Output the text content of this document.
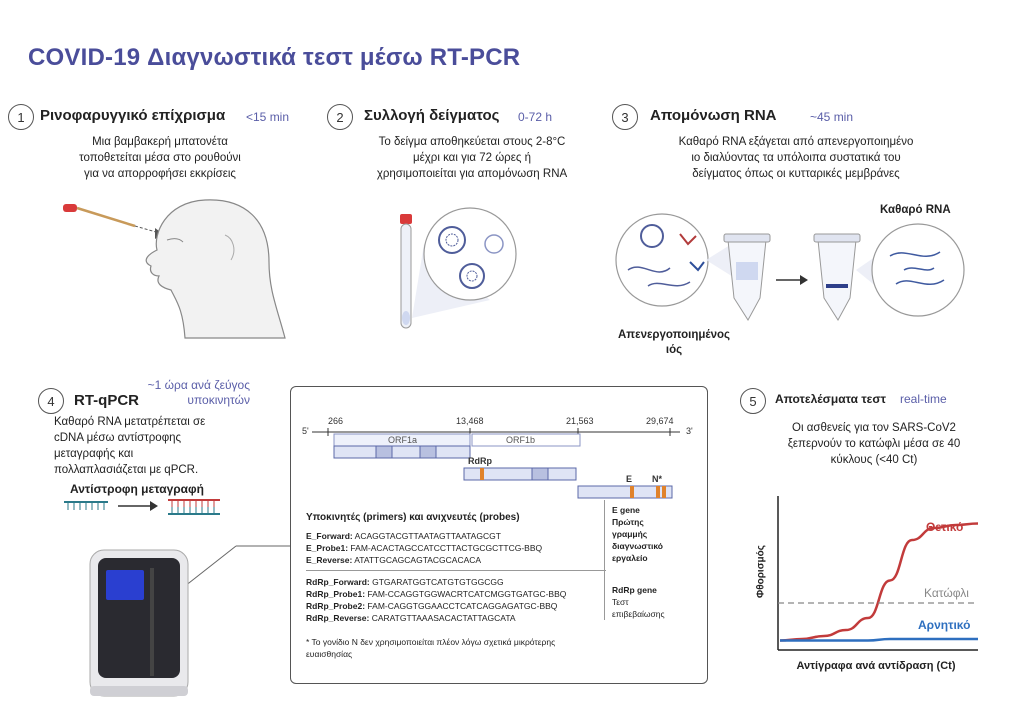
COVID-19 Διαγνωστικά τεστ μέσω RT-PCR
1	Ρινοφαρυγγικό επίχρισμα <15 min
Μια βαμβακερή μπατονέτα
τοποθετείται μέσα στο ρουθούνι
για να απορροφήσει εκκρίσεις
2	Συλλογή δείγματος 0-72 h
Το δείγμα αποθηκεύεται στους 2-8°C
μέχρι και για 72 ώρες ή
χρησιμοποιείται για απομόνωση RNA
3	Απομόνωση RNA	~45 min
Καθαρό RNA εξάγεται από απενεργοποιημένο
ιο διαλύοντας τα υπόλοιπα συστατικά του
δείγματος όπως οι κυτταρικές μεμβράνες
Καθαρό RNA
Απενεργοποιημένος
ιός
4	RT-qPCR
~1 ώρα ανά ζεύγος
υποκινητών
Καθαρό RNA μετατρέπεται σε
cDNA μέσω αντίστροφης
μεταγραφής και
πολλαπλασιάζεται με qPCR.
Αντίστροφη μεταγραφή
5'	3'
266	13,468	21,563	29,674
ORF1a	ORF1b
RdRp
E N*
Υποκινητές (primers) και ανιχνευτές (probes)
E_Forward: ACAGGTACGTTAATAGTTAATAGCGT
E_Probe1: FAM-ACACTAGCCATCCTTACTGCGCTTCG-BBQ
E_Reverse: ATATTGCAGCAGTACGCACACA
RdRp_Forward: GTGARATGGTCATGTGTGGCGG
RdRp_Probe1: FAM-CCAGGTGGWACRTCATCMGGTGATGC-BBQ
RdRp_Probe2: FAM-CAGGTGGAACCTCATCAGGAGATGC-BBQ
RdRp_Reverse: CARATGTTAAASACACTATTAGCATA
E gene
Πρώτης
γραμμής
διαγνωστικό
εργαλείο
RdRp gene
Τεστ
επιβεβαίωσης
* Το γονίδιο N δεν χρησιμοποιείται πλέον λόγω σχετικά μικρότερης
ευαισθησίας
5	Αποτελέσματα τεστ real-time
Οι ασθενείς για τον SARS-CoV2
ξεπερνούν το κατώφλι μέσα σε 40
κύκλους (<40 Ct)
Φθορισμός
Αντίγραφα ανά αντίδραση (Ct)
Θετικό
Κατώφλι
Αρνητικό
